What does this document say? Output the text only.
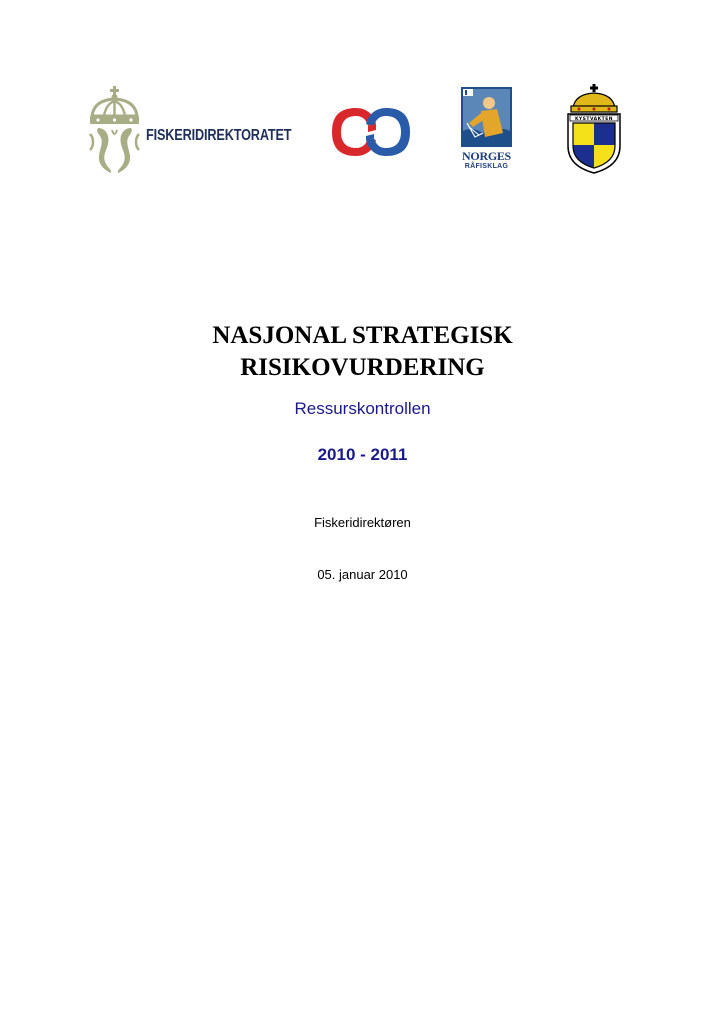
FISKERIDIREKTORATET
NORGES
RÅFISKLAG
KYSTVAKTEN
NASJONAL STRATEGISK
RISIKOVURDERING
Ressurskontrollen
2010 - 2011
Fiskeridirektøren
05. januar 2010
